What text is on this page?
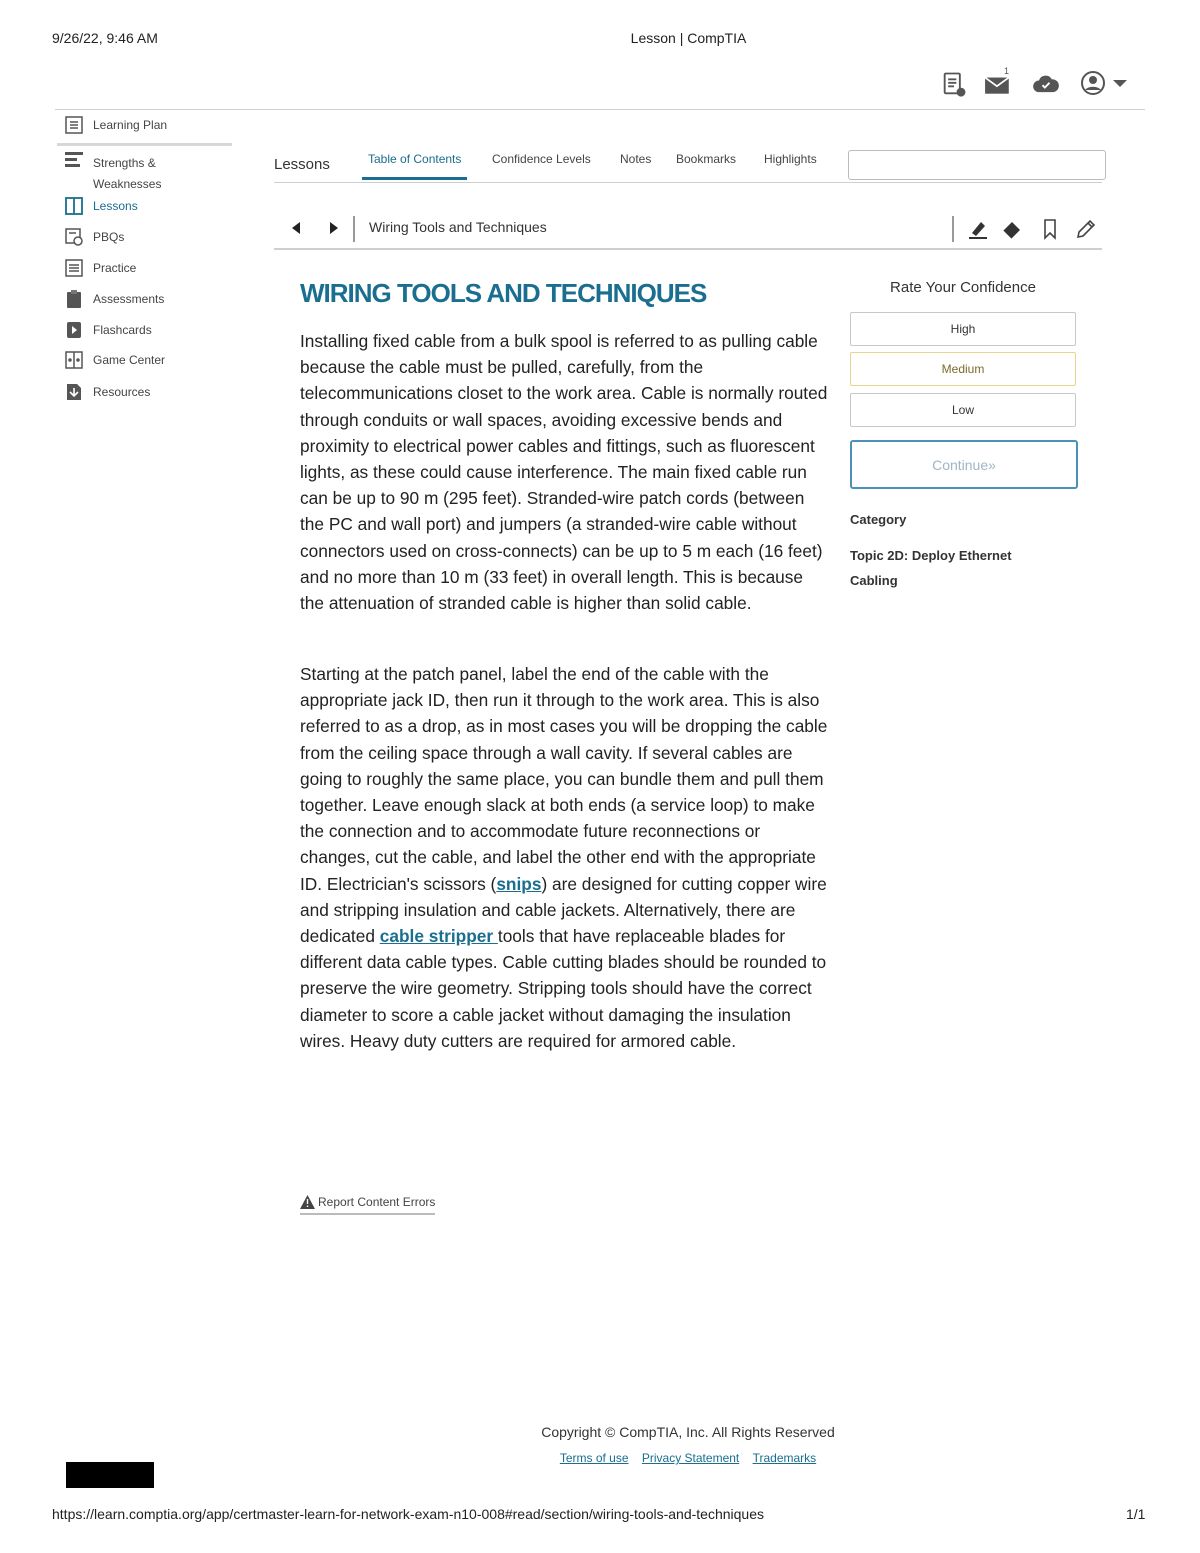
9/26/22, 9:46 AM	Lesson | CompTIA
1
Learning Plan
Strengths &
Weaknesses
Lessons
PBQs
Practice
Assessments
Flashcards
Game Center
Resources
Lessons	Table of Contents	Confidence Levels Notes Bookmarks Highlights
Wiring Tools and Techniques
WIRING TOOLS AND TECHNIQUES
Installing fixed cable from a bulk spool is referred to as pulling cable because the cable must be pulled, carefully, from the telecommunications closet to the work area. Cable is normally routed through conduits or wall spaces, avoiding excessive bends and proximity to electrical power cables and fittings, such as fluorescent lights, as these could cause interference. The main fixed cable run can be up to 90 m (295 feet). Stranded-wire patch cords (between the PC and wall port) and jumpers (a stranded-wire cable without connectors used on cross-connects) can be up to 5 m each (16 feet) and no more than 10 m (33 feet) in overall length. This is because the attenuation of stranded cable is higher than solid cable.
Starting at the patch panel, label the end of the cable with the appropriate jack ID, then run it through to the work area. This is also referred to as a drop, as in most cases you will be dropping the cable from the ceiling space through a wall cavity. If several cables are going to roughly the same place, you can bundle them and pull them together. Leave enough slack at both ends (a service loop) to make the connection and to accommodate future reconnections or changes, cut the cable, and label the other end with the appropriate ID. Electrician's scissors (snips) are designed for cutting copper wire and stripping insulation and cable jackets. Alternatively, there are dedicated cable stripper tools that have replaceable blades for different data cable types. Cable cutting blades should be rounded to preserve the wire geometry. Stripping tools should have the correct diameter to score a cable jacket without damaging the insulation wires. Heavy duty cutters are required for armored cable.
Report Content Errors
Rate Your Confidence
High
Medium
Low
Continue»
Category
Topic 2D: Deploy Ethernet Cabling
Copyright © CompTIA, Inc. All Rights Reserved
Terms of use Privacy Statement Trademarks
https://learn.comptia.org/app/certmaster-learn-for-network-exam-n10-008#read/section/wiring-tools-and-techniques	1/1
